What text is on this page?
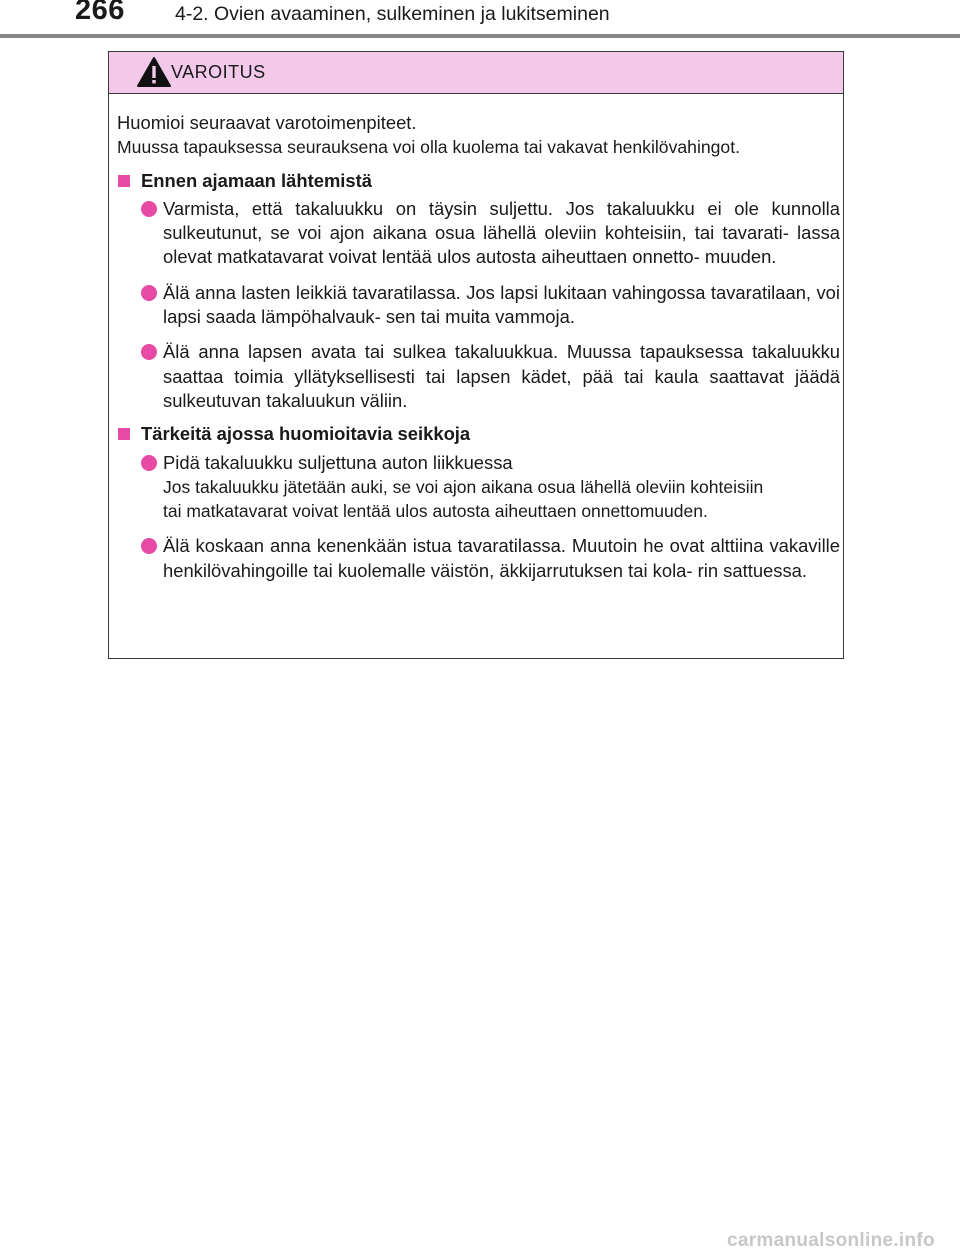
266	4-2. Ovien avaaminen, sulkeminen ja lukitseminen
VAROITUS
Huomioi seuraavat varotoimenpiteet.
Muussa tapauksessa seurauksena voi olla kuolema tai vakavat henkilövahingot.
Ennen ajamaan lähtemistä
Varmista, että takaluukku on täysin suljettu. Jos takaluukku ei ole kunnolla sulkeutunut, se voi ajon aikana osua lähellä oleviin kohteisiin, tai tavarati- lassa olevat matkatavarat voivat lentää ulos autosta aiheuttaen onnetto- muuden.
Älä anna lasten leikkiä tavaratilassa. Jos lapsi lukitaan vahingossa tavaratilaan, voi lapsi saada lämpöhalvauk- sen tai muita vammoja.
Älä anna lapsen avata tai sulkea takaluukkua. Muussa tapauksessa takaluukku saattaa toimia yllätyksellisesti tai lapsen kädet, pää tai kaula saattavat jäädä sulkeutuvan takaluukun väliin.
Tärkeitä ajossa huomioitavia seikkoja
Pidä takaluukku suljettuna auton liikkuessa
Jos takaluukku jätetään auki, se voi ajon aikana osua lähellä oleviin kohteisiin
tai matkatavarat voivat lentää ulos autosta aiheuttaen onnettomuuden.
Älä koskaan anna kenenkään istua tavaratilassa. Muutoin he ovat alttiina vakaville henkilövahingoille tai kuolemalle väistön, äkkijarrutuksen tai kola- rin sattuessa.
carmanualsonline.info
